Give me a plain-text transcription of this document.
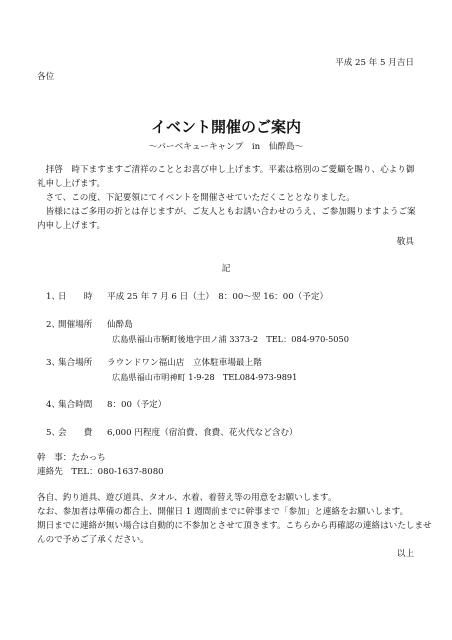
平成 25 年 5 月吉日

各位

イベント開催のご案内

～バーベキューキャンプ　in　仙酔島～

　拝啓　時下ますますご清祥のこととお喜び申し上げます。平素は格別のご愛顧を賜り、心より御

礼申し上げます。

　さて、この度、下記要領にてイベントを開催させていただくこととなりました。

　皆様にはご多用の折とは存じますが、ご友人ともお誘い合わせのうえ、ご参加賜りますようご案

内申し上げます。

敬具

記

1、

日　　時 平成 25 年 7 月 6 日（土）　8：00〜翌 16：00（予定）

2、

開催場所 仙酔島

広島県福山市鞆町後地字田ノ浦 3373-2　TEL：084-970-5050

3、

集合場所 ラウンドワン福山店　立体駐車場最上階

広島県福山市明神町 1-9-28　TEL084-973-9891

4、

集合時間 8：00（予定）

5、

会　　費 6,000 円程度（宿泊費、食費、花火代など含む）

幹　事：たかっち

連絡先　TEL：080-1637-8080

各自、釣り道具、遊び道具、タオル、水着、着替え等の用意をお願いします。

なお、参加者は準備の都合上、開催日 1 週間前までに幹事まで「参加」と連絡をお願いします。

期日までに連絡が無い場合は自動的に不参加とさせて頂きます。こちらから再確認の連絡はいたしませ

んので予めご了承ください。

以上
